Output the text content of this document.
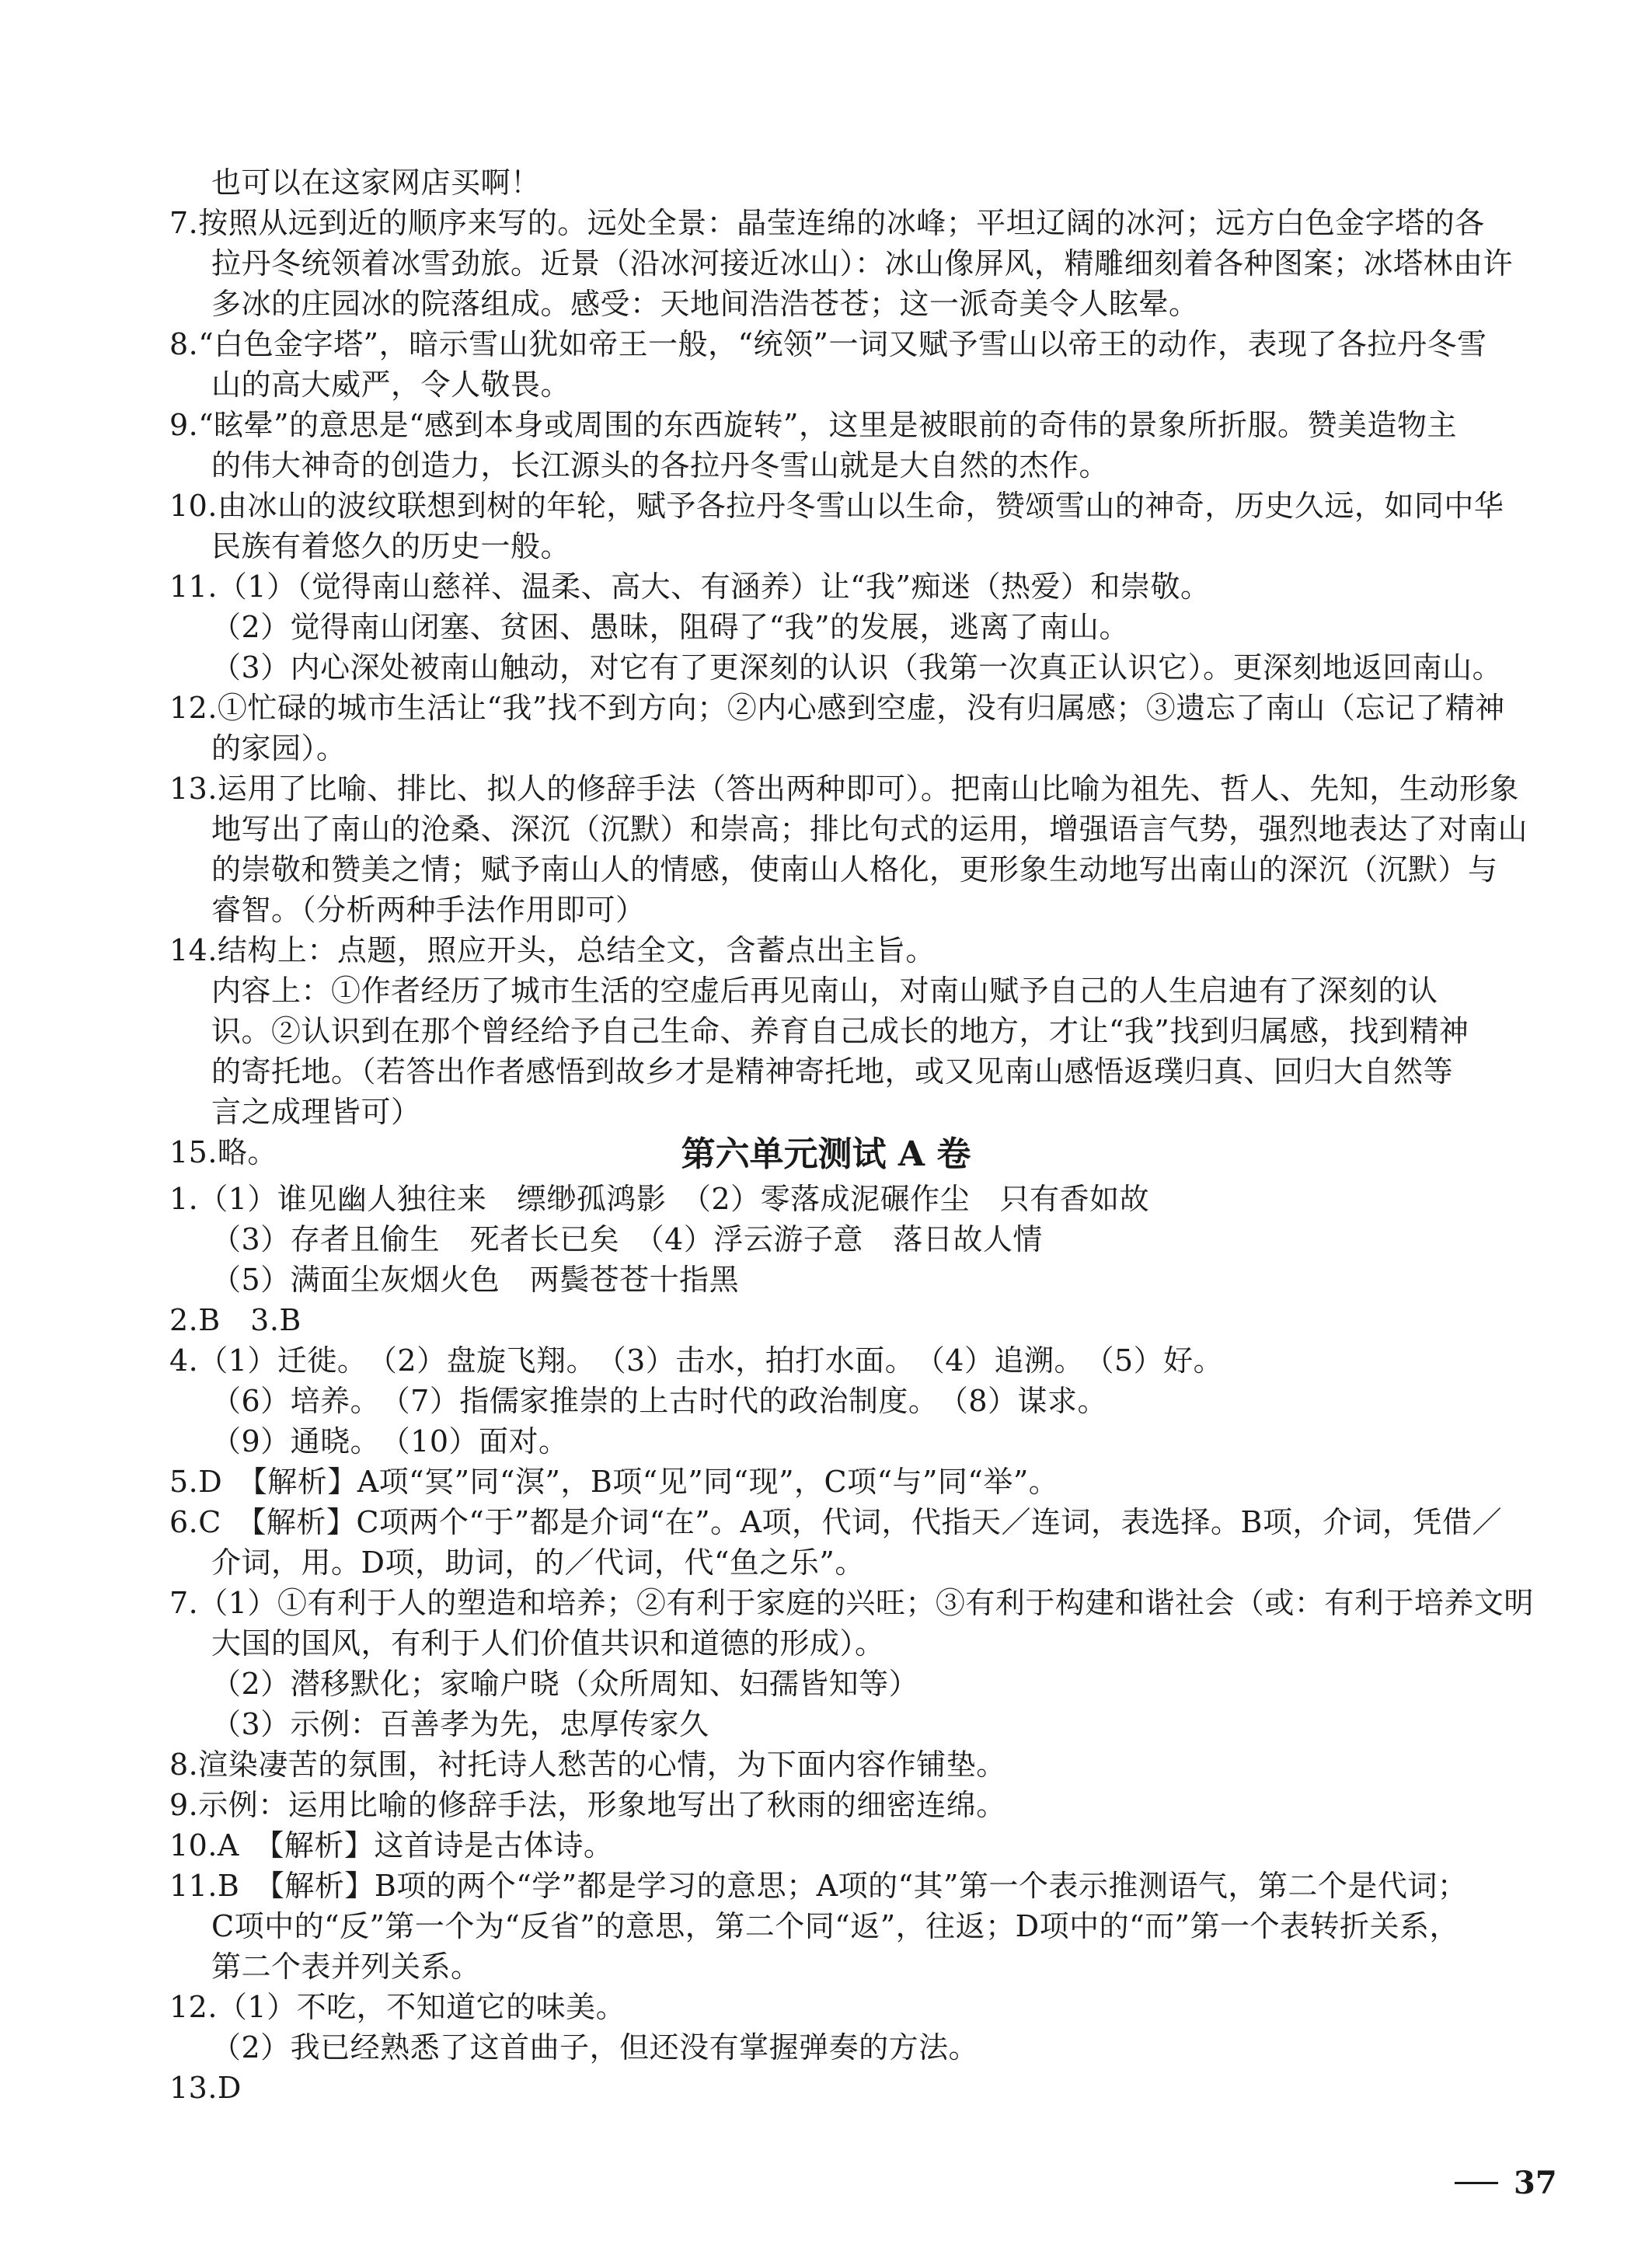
也可以在这家网店买啊！
7.按照从远到近的顺序来写的。远处全景：晶莹连绵的冰峰；平坦辽阔的冰河；远方白色金字塔的各
拉丹冬统领着冰雪劲旅。近景（沿冰河接近冰山）：冰山像屏风，精雕细刻着各种图案；冰塔林由许
多冰的庄园冰的院落组成。感受：天地间浩浩苍苍；这一派奇美令人眩晕。
8.“白色金字塔”，暗示雪山犹如帝王一般，“统领”一词又赋予雪山以帝王的动作，表现了各拉丹冬雪
山的高大威严，令人敬畏。
9.“眩晕”的意思是“感到本身或周围的东西旋转”，这里是被眼前的奇伟的景象所折服。赞美造物主
的伟大神奇的创造力，长江源头的各拉丹冬雪山就是大自然的杰作。
10.由冰山的波纹联想到树的年轮，赋予各拉丹冬雪山以生命，赞颂雪山的神奇，历史久远，如同中华
民族有着悠久的历史一般。
11.（1）（觉得南山慈祥、温柔、高大、有涵养）让“我”痴迷（热爱）和崇敬。
（2）觉得南山闭塞、贫困、愚昧，阻碍了“我”的发展，逃离了南山。
（3）内心深处被南山触动，对它有了更深刻的认识（我第一次真正认识它）。更深刻地返回南山。
12.①忙碌的城市生活让“我”找不到方向；②内心感到空虚，没有归属感；③遗忘了南山（忘记了精神
的家园）。
13.运用了比喻、排比、拟人的修辞手法（答出两种即可）。把南山比喻为祖先、哲人、先知，生动形象
地写出了南山的沧桑、深沉（沉默）和崇高；排比句式的运用，增强语言气势，强烈地表达了对南山
的崇敬和赞美之情；赋予南山人的情感，使南山人格化，更形象生动地写出南山的深沉（沉默）与
睿智。（分析两种手法作用即可）
14.结构上：点题，照应开头，总结全文，含蓄点出主旨。
内容上：①作者经历了城市生活的空虚后再见南山，对南山赋予自己的人生启迪有了深刻的认
识。②认识到在那个曾经给予自己生命、养育自己成长的地方，才让“我”找到归属感，找到精神
的寄托地。（若答出作者感悟到故乡才是精神寄托地，或又见南山感悟返璞归真、回归大自然等
言之成理皆可）
15.略。	第六单元测试 A 卷
1.（1）谁见幽人独往来　缥缈孤鸿影　（2）零落成泥碾作尘　只有香如故
（3）存者且偷生　死者长已矣　（4）浮云游子意　落日故人情
（5）满面尘灰烟火色　两鬓苍苍十指黑
2.B　3.B
4.（1）迁徙。　（2）盘旋飞翔。　（3）击水，拍打水面。　（4）追溯。　（5）好。
（6）培养。　（7）指儒家推崇的上古时代的政治制度。　（8）谋求。
（9）通晓。　（10）面对。
5.D　【解析】A项“冥”同“溟”，B项“见”同“现”，C项“与”同“举”。
6.C　【解析】C项两个“于”都是介词“在”。A项，代词，代指天／连词，表选择。B项，介词，凭借／
介词，用。D项，助词，的／代词，代“鱼之乐”。
7.（1）①有利于人的塑造和培养；②有利于家庭的兴旺；③有利于构建和谐社会（或：有利于培养文明
大国的国风，有利于人们价值共识和道德的形成）。
（2）潜移默化；家喻户晓（众所周知、妇孺皆知等）
（3）示例：百善孝为先，忠厚传家久
8.渲染凄苦的氛围，衬托诗人愁苦的心情，为下面内容作铺垫。
9.示例：运用比喻的修辞手法，形象地写出了秋雨的细密连绵。
10.A　【解析】这首诗是古体诗。
11.B　【解析】B项的两个“学”都是学习的意思；A项的“其”第一个表示推测语气，第二个是代词；
C项中的“反”第一个为“反省”的意思，第二个同“返”，往返；D项中的“而”第一个表转折关系，
第二个表并列关系。
12.（1）不吃，不知道它的味美。
（2）我已经熟悉了这首曲子，但还没有掌握弹奏的方法。
13.D
37
